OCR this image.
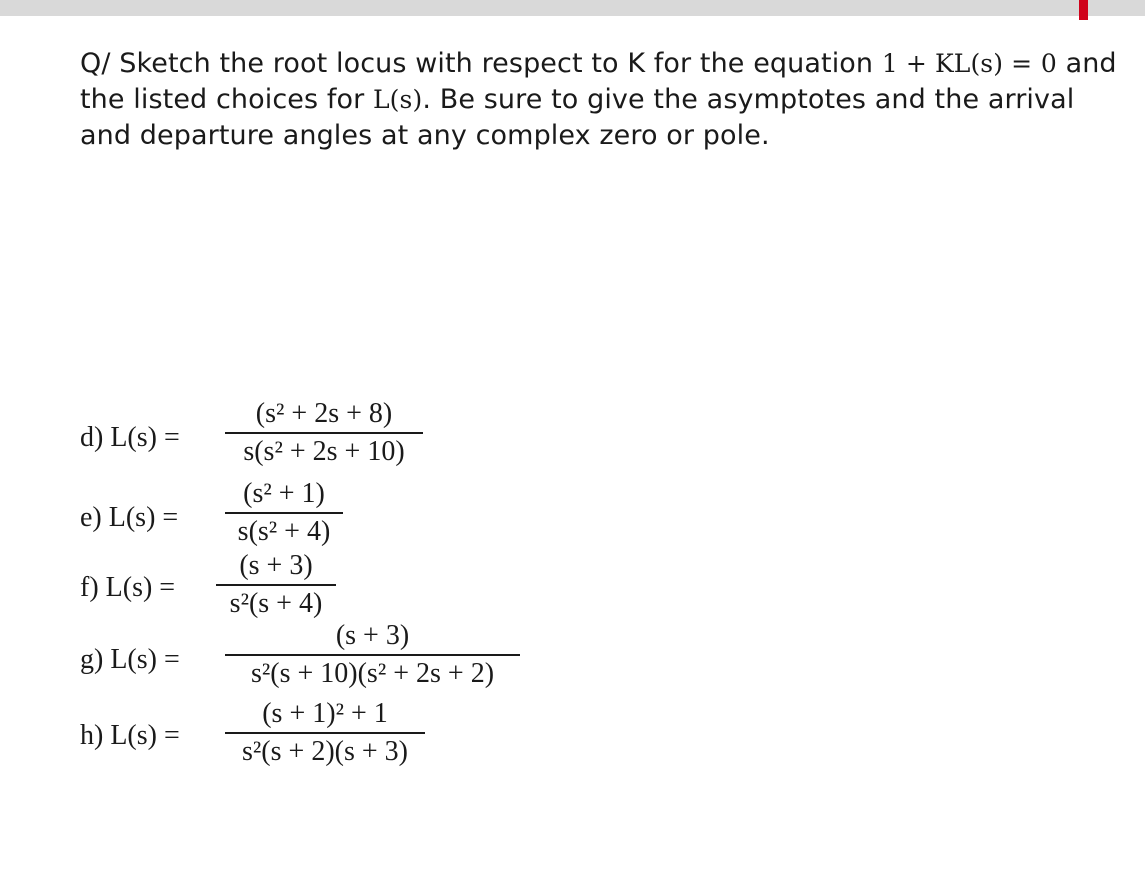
Q/ Sketch the root locus with respect to K for the equation 1 + KL(s) = 0 and the listed choices for L(s). Be sure to give the asymptotes and the arrival and departure angles at any complex zero or pole.
d) L(s) =
(s² + 2s + 8)
s(s² + 2s + 10)
e) L(s) =
(s² + 1)
s(s² + 4)
f) L(s) =
(s + 3)
s²(s + 4)
g) L(s) =
(s + 3)
s²(s + 10)(s² + 2s + 2)
h) L(s) =
(s + 1)² + 1
s²(s + 2)(s + 3)
